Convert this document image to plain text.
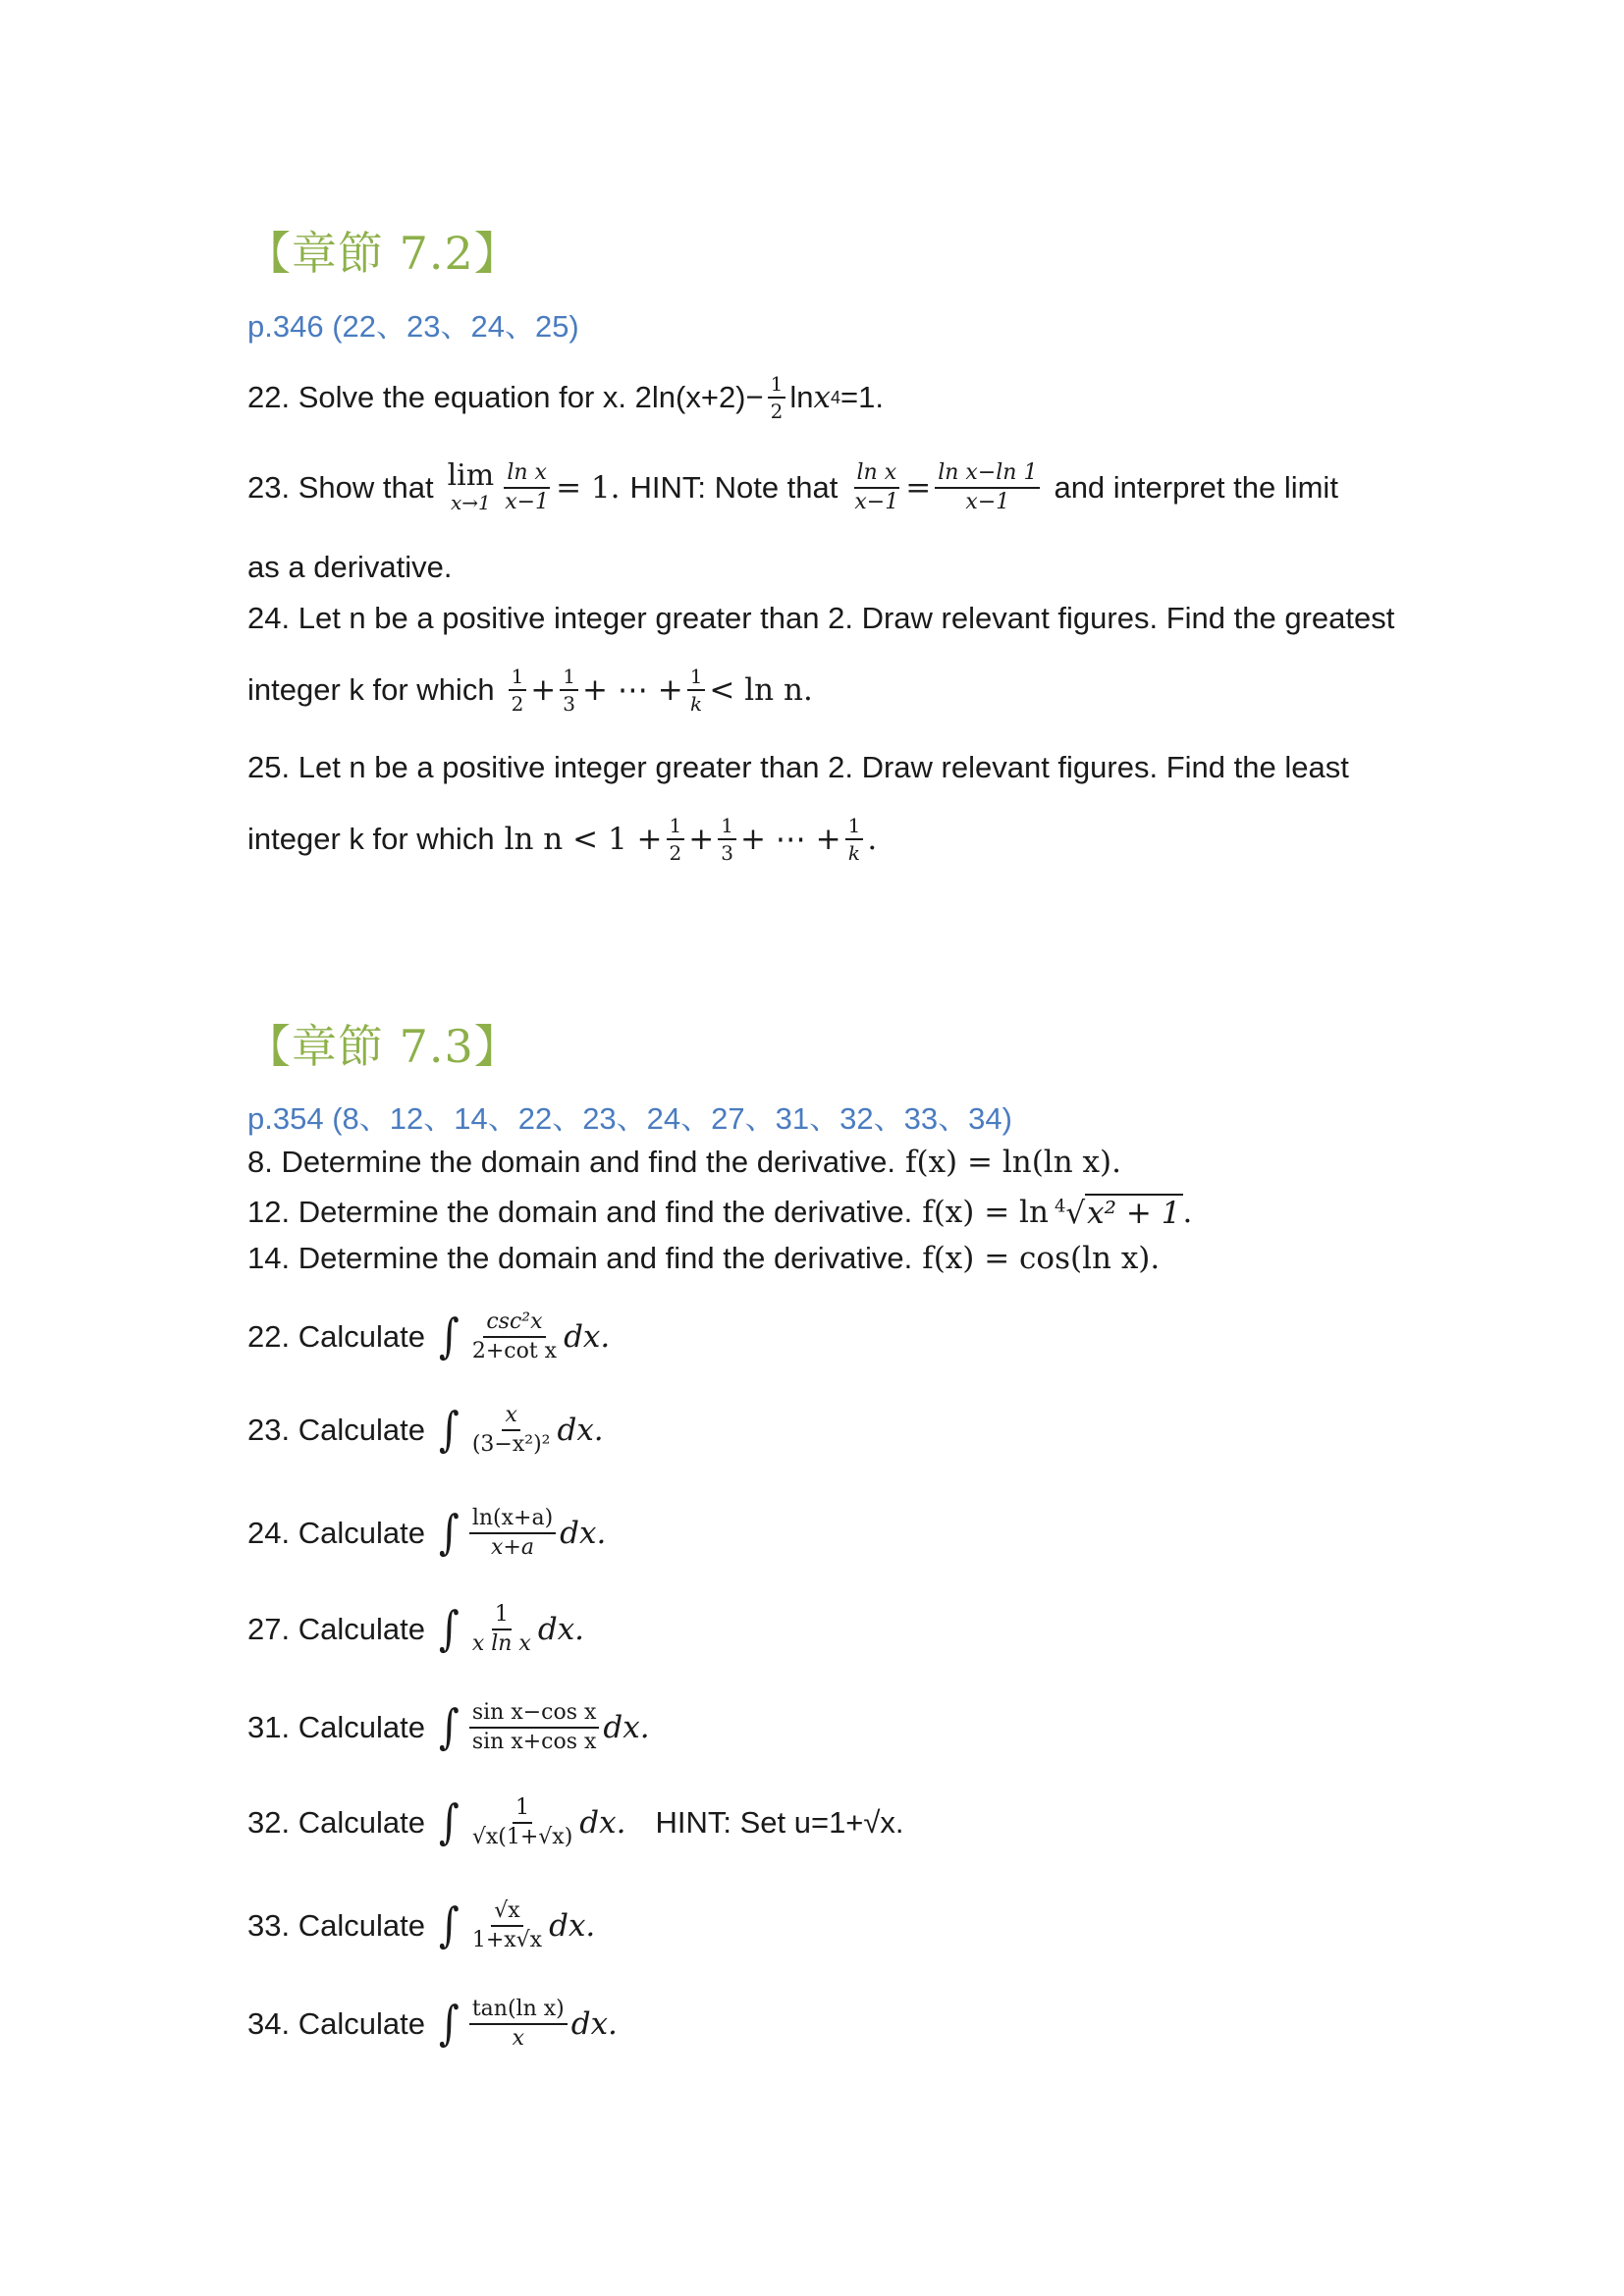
【章節 7.2】
p.346 (22、23、24、25)
22. Solve the equation for x. $2\ln(x+2)- \frac{1}{2}$ ln x 4 =1.
23. Show that lim
$x\to 1 \frac{\text{ln x}}{x-1} = 1$. HINT: Note that $\frac{\text{ln x}}{x-1} = \frac{\text{ln x−ln 1}}{x-1}$ and interpret the limit
as a derivative.
24. Let n be a positive integer greater than 2. Draw relevant figures. Find the greatest
integer k for which $\frac{1}{2} + \frac{1}{3}$ + ⋯ + $\frac{1}{k} < \ln n$.
25. Let n be a positive integer greater than 2. Draw relevant figures. Find the least
integer k for which $\ln n < 1 + \frac{1}{2} + \frac{1}{3}$ + ⋯ + $\frac{1}{k}$ .
【章節 7.3】
p.354 (8、12、14、22、23、24、27、31、32、33、34)
8. Determine the domain and find the derivative. f(x) = ln(ln x).
12. Determine the domain and find the derivative. f(x) = ln $^4$√x² + 1 .
14. Determine the domain and find the derivative. f(x) = cos(ln x).
22.
Calculate ∫ $\frac{\text{csc²x}}{\text{2+cot x}}$ dx.
23.
Calculate ∫ $\frac{x}{\text{(3−x²)²}}$ dx.
24.
Calculate ∫ $\frac{\ln(x+a)}{x+a}$ dx.
27.
Calculate ∫ $\frac{1}{\text{x ln x}}$ dx.
31.
Calculate ∫ $\frac{\text{sin x−cos x}}{\text{sin x+cos x}}$ dx.
32.
Calculate ∫ $\frac{1}{√x(1+√x)}$ dx. HINT: Set u=1+√x.
33.
Calculate ∫ $\frac{√x}{1+x√x}$ dx.
34.
Calculate ∫ $\frac{\text{tan(ln x)}}{x}$ dx.
